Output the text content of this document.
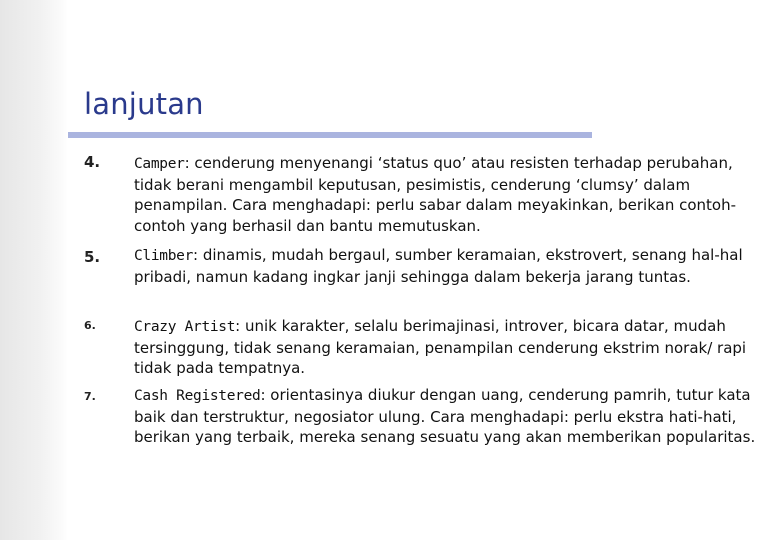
lanjutan
4. Camper: cenderung menyenangi ‘status quo’ atau resisten terhadap perubahan, tidak berani mengambil keputusan, pesimistis, cenderung ‘clumsy’ dalam penampilan. Cara menghadapi: perlu sabar dalam meyakinkan, berikan contoh-contoh yang berhasil dan bantu memutuskan.
5. Climber: dinamis, mudah bergaul, sumber keramaian, ekstrovert, senang hal-hal pribadi, namun kadang ingkar janji sehingga dalam bekerja jarang tuntas.
6.	Crazy Artist: unik karakter, selalu berimajinasi, introver, bicara datar, mudah tersinggung, tidak senang keramaian, penampilan cenderung ekstrim norak/ rapi tidak pada tempatnya.
7.	Cash Registered: orientasinya diukur dengan uang, cenderung pamrih, tutur kata baik dan terstruktur, negosiator ulung. Cara menghadapi: perlu ekstra hati-hati, berikan yang terbaik, mereka senang sesuatu yang akan memberikan popularitas.
